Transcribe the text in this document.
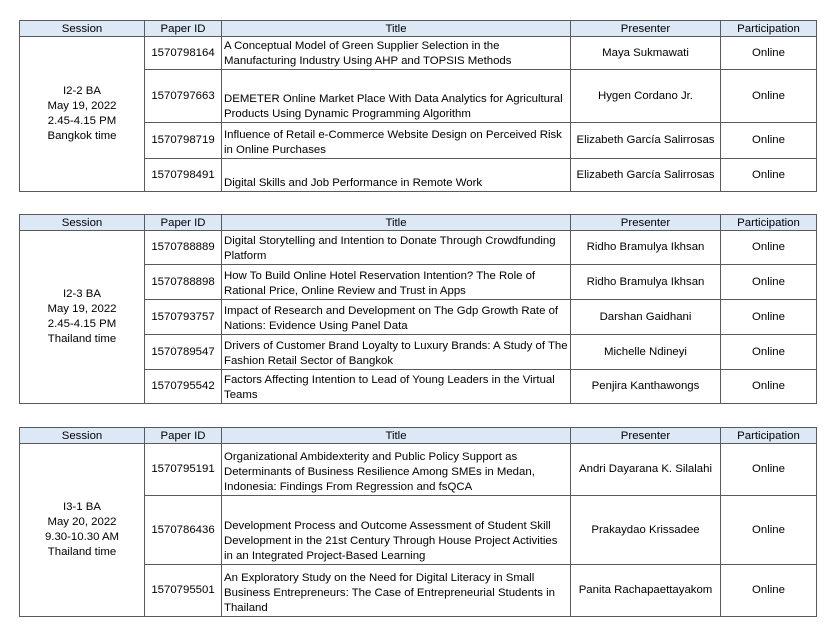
Session	Paper ID	Title	Presenter	Participation

I2-2 BA
May 19, 2022
2.45-4.15 PM
Bangkok time	1570798164	A Conceptual Model of Green Supplier Selection in the Manufacturing Industry Using AHP and TOPSIS Methods	Maya Sukmawati	Online
	1570797663	DEMETER Online Market Place With Data Analytics for Agricultural Products Using Dynamic Programming Algorithm	Hygen Cordano Jr.	Online
	1570798719	Influence of Retail e-Commerce Website Design on Perceived Risk in Online Purchases	Elizabeth García Salirrosas	Online
	1570798491	Digital Skills and Job Performance in Remote Work	Elizabeth García Salirrosas	Online
Session	Paper ID	Title	Presenter	Participation

I2-3 BA
May 19, 2022
2.45-4.15 PM
Thailand time	1570788889	Digital Storytelling and Intention to Donate Through Crowdfunding Platform	Ridho Bramulya Ikhsan	Online
	1570788898	How To Build Online Hotel Reservation Intention? The Role of Rational Price, Online Review and Trust in Apps	Ridho Bramulya Ikhsan	Online
	1570793757	Impact of Research and Development on The Gdp Growth Rate of Nations: Evidence Using Panel Data	Darshan Gaidhani	Online
	1570789547	Drivers of Customer Brand Loyalty to Luxury Brands: A Study of The Fashion Retail Sector of Bangkok	Michelle Ndineyi	Online
	1570795542	Factors Affecting Intention to Lead of Young Leaders in the Virtual Teams	Penjira Kanthawongs	Online
Session	Paper ID	Title	Presenter	Participation

I3-1 BA
May 20, 2022
9.30-10.30 AM
Thailand time	1570795191	Organizational Ambidexterity and Public Policy Support as Determinants of Business Resilience Among SMEs in Medan, Indonesia: Findings From Regression and fsQCA	Andri Dayarana K. Silalahi	Online
	1570786436	Development Process and Outcome Assessment of Student Skill Development in the 21st Century Through House Project Activities in an Integrated Project-Based Learning	Prakaydao Krissadee	Online
	1570795501	An Exploratory Study on the Need for Digital Literacy in Small Business Entrepreneurs: The Case of Entrepreneurial Students in Thailand	Panita Rachapaettayakom	Online
